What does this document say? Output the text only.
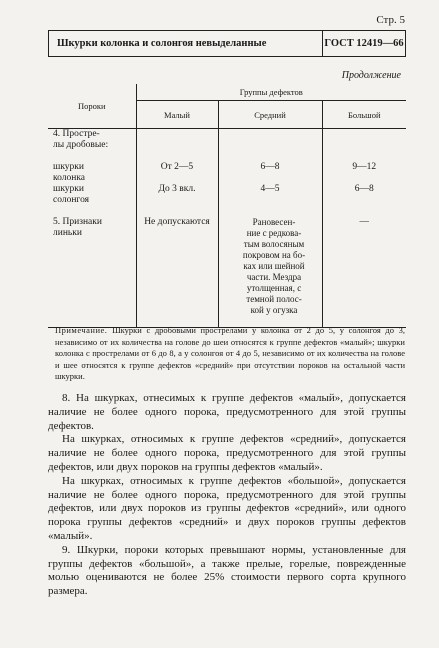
Стр. 5
Шкурки колонка и солонгоя невыделанные	ГОСТ 12419—66
Продолжение
Пороки	Группы дефектов		
	Малый	Средний	Большой
4. Простре-			
лы дробовые:			

шкурки	От 2—5	6—8	9—12
колонка			
шкурки	До 3 вкл.	4—5	6—8
солонгоя			

5. Признаки	Не допускаются	Рановесен-	—
линьки		ние с редкова-	
		тым волосяным	
		покровом на бо-	
		ках или шейной	
		части. Мездра	
		утолщенная, с	
		темной полос-	
		кой у огузка	

Примечание. Шкурки с дробовыми прострелами у колонка от 2 до 5, у солонгоя до 3, независимо от их количества на голове до шеи относятся к группе дефектов «малый»; шкурки колонка с прострелами от 6 до 8, а у солонгоя от 4 до 5, независимо от их количества на голове и шее относятся к группе дефектов «средний» при отсутствии пороков на остальной части шкурки.

8. На шкурках, отнесимых к группе дефектов «малый», допускается наличие не более одного порока, предусмотренного для этой группы дефектов.

На шкурках, относимых к группе дефектов «средний», допускается наличие не более одного порока, предусмотренного для этой группы дефектов, или двух пороков на группы дефектов «малый».

На шкурках, относимых к группе дефектов «большой», допускается наличие не более одного порока, предусмотренного для этой группы дефектов, или двух пороков из группы дефектов «средний», или одного порока группы дефектов «средний» и двух пороков группы дефектов «малый».

9. Шкурки, пороки которых превышают нормы, установленные для группы дефектов «большой», а также прелые, горелые, поврежденные молью оцениваются не более 25% стоимости первого сорта крупного размера.
